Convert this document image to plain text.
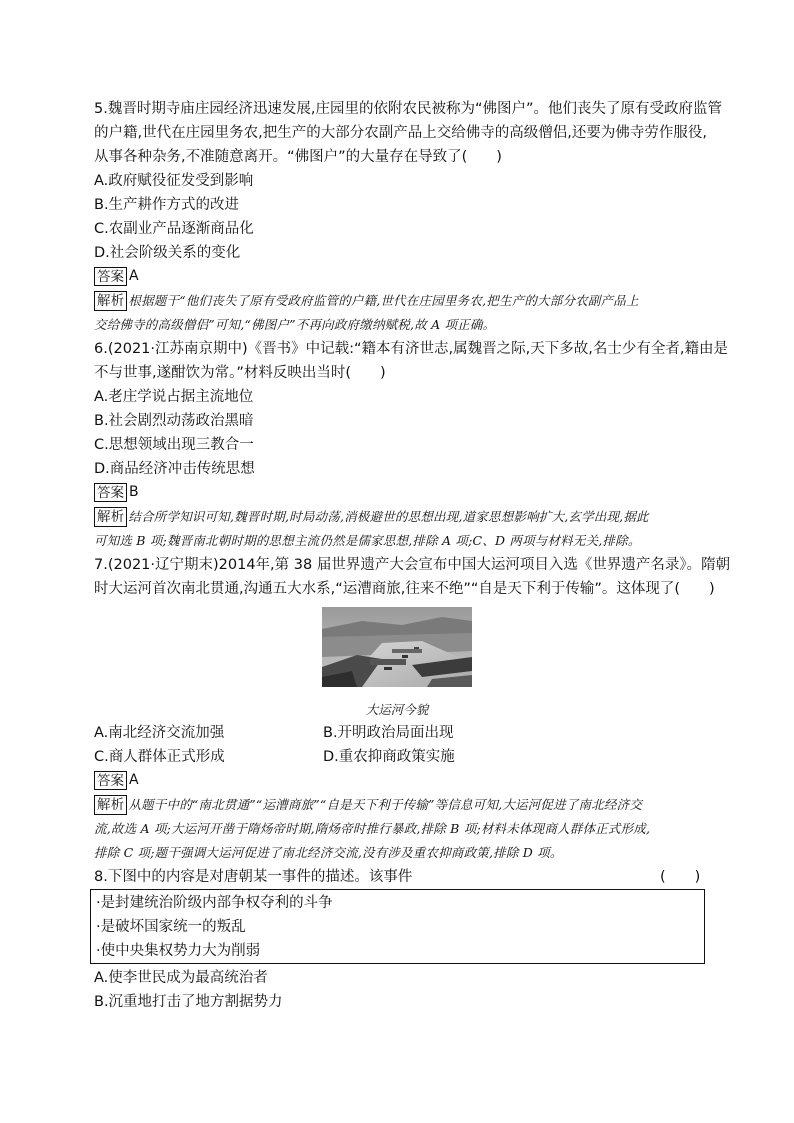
5.魏晋时期寺庙庄园经济迅速发展,庄园里的依附农民被称为“佛图户”。他们丧失了原有受政府监管
的户籍,世代在庄园里务农,把生产的大部分农副产品上交给佛寺的高级僧侣,还要为佛寺劳作服役,
从事各种杂务,不准随意离开。“佛图户”的大量存在导致了(　　)
A.政府赋役征发受到影响
B.生产耕作方式的改进
C.农副业产品逐渐商品化
D.社会阶级关系的变化
答案 A
解析 根据题干“他们丧失了原有受政府监管的户籍,世代在庄园里务农,把生产的大部分农副产品上
交给佛寺的高级僧侣”可知,“佛图户”不再向政府缴纳赋税,故 A 项正确。
6.(2021·江苏南京期中)《晋书》中记载:“籍本有济世志,属魏晋之际,天下多故,名士少有全者,籍由是
不与世事,遂酣饮为常。”材料反映出当时(　　)
A.老庄学说占据主流地位
B.社会剧烈动荡政治黑暗
C.思想领域出现三教合一
D.商品经济冲击传统思想
答案 B
解析 结合所学知识可知,魏晋时期,时局动荡,消极避世的思想出现,道家思想影响扩大,玄学出现,据此
可知选 B 项;魏晋南北朝时期的思想主流仍然是儒家思想,排除 A 项;C、D 两项与材料无关,排除。
7.(2021·辽宁期末)2014年,第 38 届世界遗产大会宣布中国大运河项目入选《世界遗产名录》。隋朝
时大运河首次南北贯通,沟通五大水系,“运漕商旅,往来不绝”“自是天下利于传输”。这体现了(　　)
大运河今貌
A.南北经济交流加强	B.开明政治局面出现
C.商人群体正式形成	D.重农抑商政策实施
答案 A
解析 从题干中的“南北贯通”“运漕商旅”“自是天下利于传输”等信息可知,大运河促进了南北经济交
流,故选 A 项;大运河开凿于隋炀帝时期,隋炀帝时推行暴政,排除 B 项;材料未体现商人群体正式形成,
排除 C 项;题干强调大运河促进了南北经济交流,没有涉及重农抑商政策,排除 D 项。
8.下图中的内容是对唐朝某一事件的描述。该事件	(　　)
·是封建统治阶级内部争权夺利的斗争
·是破坏国家统一的叛乱
·使中央集权势力大为削弱
A.使李世民成为最高统治者
B.沉重地打击了地方割据势力
